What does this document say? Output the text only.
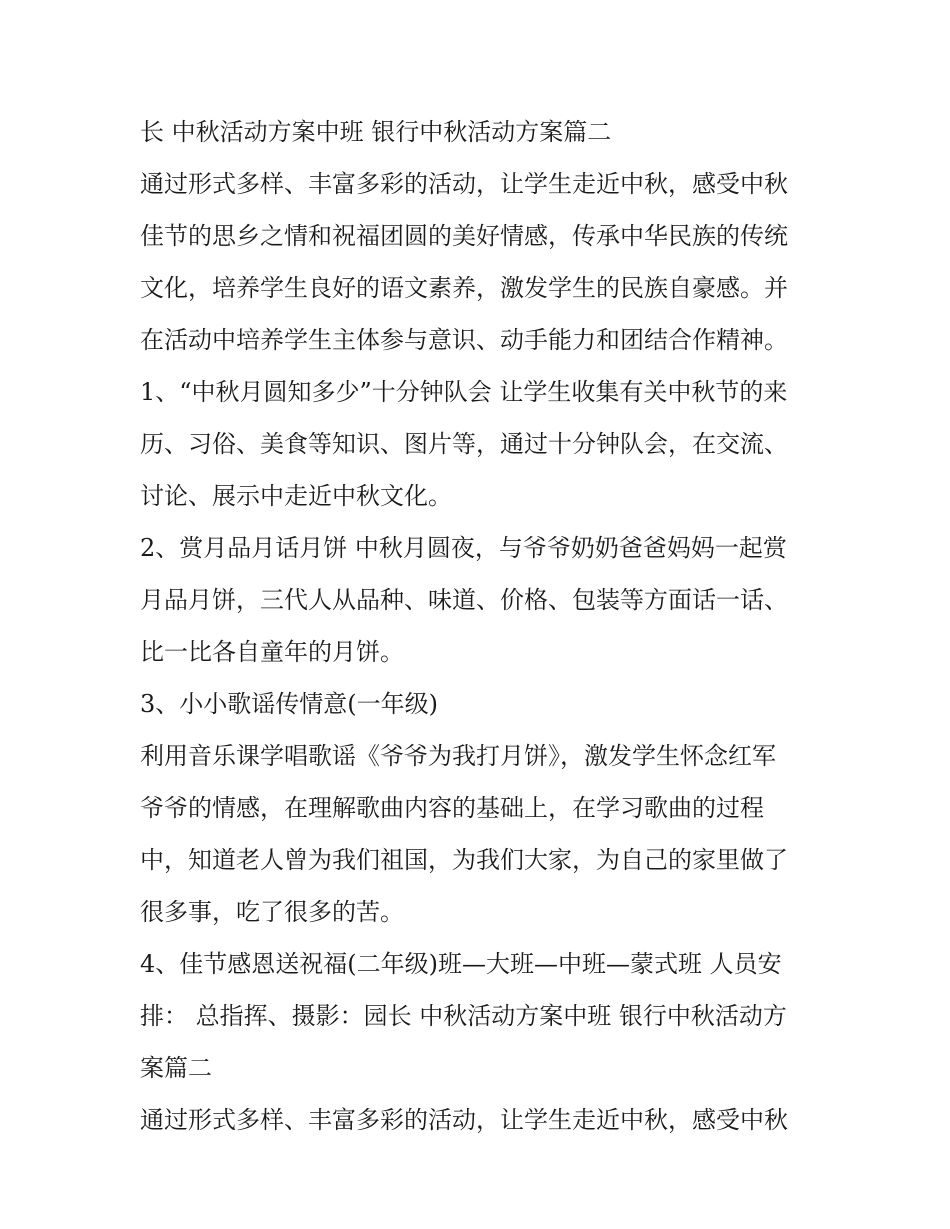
长 中秋活动方案中班 银行中秋活动方案篇二
通过形式多样、丰富多彩的活动，让学生走近中秋，感受中秋
佳节的思乡之情和祝福团圆的美好情感，传承中华民族的传统
文化，培养学生良好的语文素养，激发学生的民族自豪感。并
在活动中培养学生主体参与意识、动手能力和团结合作精神。
1、“中秋月圆知多少”十分钟队会 让学生收集有关中秋节的来
历、习俗、美食等知识、图片等，通过十分钟队会，在交流、
讨论、展示中走近中秋文化。
2、赏月品月话月饼 中秋月圆夜，与爷爷奶奶爸爸妈妈一起赏
月品月饼，三代人从品种、味道、价格、包装等方面话一话、
比一比各自童年的月饼。
3、小小歌谣传情意(一年级)
利用音乐课学唱歌谣《爷爷为我打月饼》，激发学生怀念红军
爷爷的情感，在理解歌曲内容的基础上，在学习歌曲的过程
中，知道老人曾为我们祖国，为我们大家，为自己的家里做了
很多事，吃了很多的苦。
4、佳节感恩送祝福(二年级)班—大班—中班—蒙式班 人员安
排： 总指挥、摄影：园长 中秋活动方案中班 银行中秋活动方
案篇二
通过形式多样、丰富多彩的活动，让学生走近中秋，感受中秋
